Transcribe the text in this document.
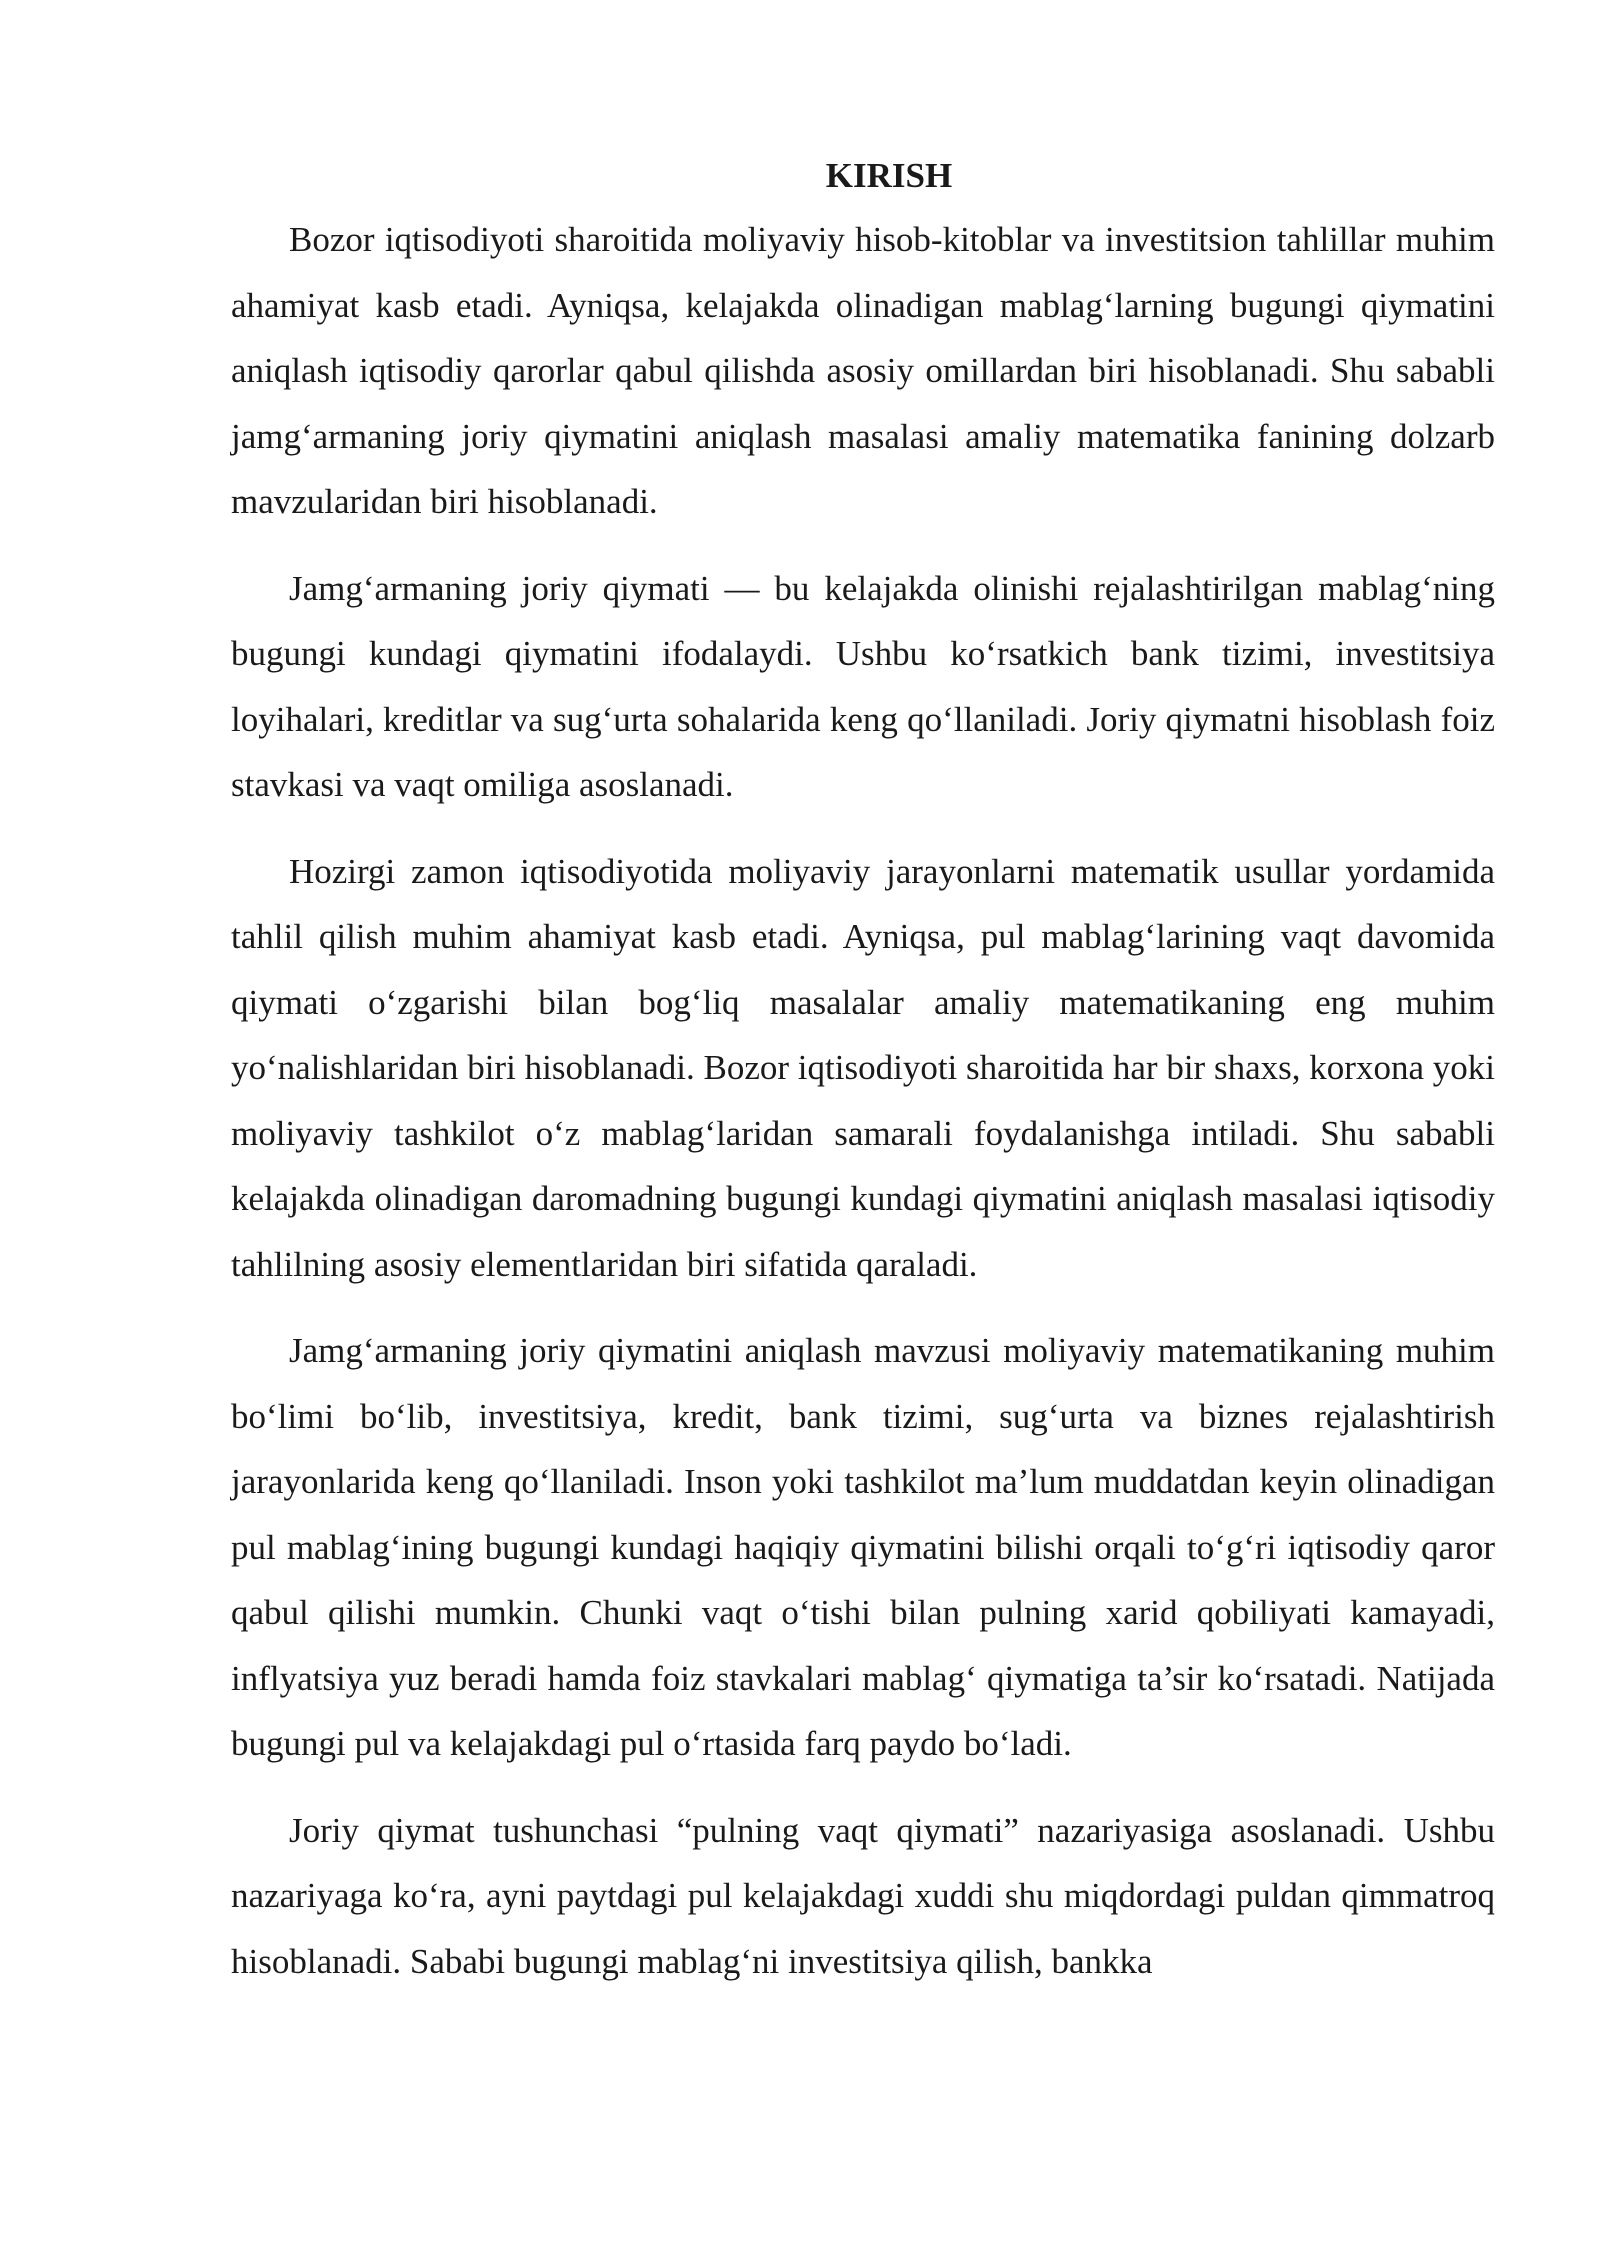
KIRISH

Bozor iqtisodiyoti sharoitida moliyaviy hisob-kitoblar va investitsion tahlillar muhim ahamiyat kasb etadi. Ayniqsa, kelajakda olinadigan mablag‘larning bugungi qiymatini aniqlash iqtisodiy qarorlar qabul qilishda asosiy omillardan biri hisoblanadi. Shu sababli jamg‘armaning joriy qiymatini aniqlash masalasi amaliy matematika fanining dolzarb mavzularidan biri hisoblanadi.

Jamg‘armaning joriy qiymati — bu kelajakda olinishi rejalashtirilgan mablag‘ning bugungi kundagi qiymatini ifodalaydi. Ushbu ko‘rsatkich bank tizimi, investitsiya loyihalari, kreditlar va sug‘urta sohalarida keng qo‘llaniladi. Joriy qiymatni hisoblash foiz stavkasi va vaqt omiliga asoslanadi.

Hozirgi zamon iqtisodiyotida moliyaviy jarayonlarni matematik usullar yordamida tahlil qilish muhim ahamiyat kasb etadi. Ayniqsa, pul mablag‘larining vaqt davomida qiymati o‘zgarishi bilan bog‘liq masalalar amaliy matematikaning eng muhim yo‘nalishlaridan biri hisoblanadi. Bozor iqtisodiyoti sharoitida har bir shaxs, korxona yoki moliyaviy tashkilot o‘z mablag‘laridan samarali foydalanishga intiladi. Shu sababli kelajakda olinadigan daromadning bugungi kundagi qiymatini aniqlash masalasi iqtisodiy tahlilning asosiy elementlaridan biri sifatida qaraladi.

Jamg‘armaning joriy qiymatini aniqlash mavzusi moliyaviy matematikaning muhim bo‘limi bo‘lib, investitsiya, kredit, bank tizimi, sug‘urta va biznes rejalashtirish jarayonlarida keng qo‘llaniladi. Inson yoki tashkilot ma’lum muddatdan keyin olinadigan pul mablag‘ining bugungi kundagi haqiqiy qiymatini bilishi orqali to‘g‘ri iqtisodiy qaror qabul qilishi mumkin. Chunki vaqt o‘tishi bilan pulning xarid qobiliyati kamayadi, inflyatsiya yuz beradi hamda foiz stavkalari mablag‘ qiymatiga ta’sir ko‘rsatadi. Natijada bugungi pul va kelajakdagi pul o‘rtasida farq paydo bo‘ladi.

Joriy qiymat tushunchasi “pulning vaqt qiymati” nazariyasiga asoslanadi. Ushbu nazariyaga ko‘ra, ayni paytdagi pul kelajakdagi xuddi shu miqdordagi puldan qimmatroq hisoblanadi. Sababi bugungi mablag‘ni investitsiya qilish, bankka
